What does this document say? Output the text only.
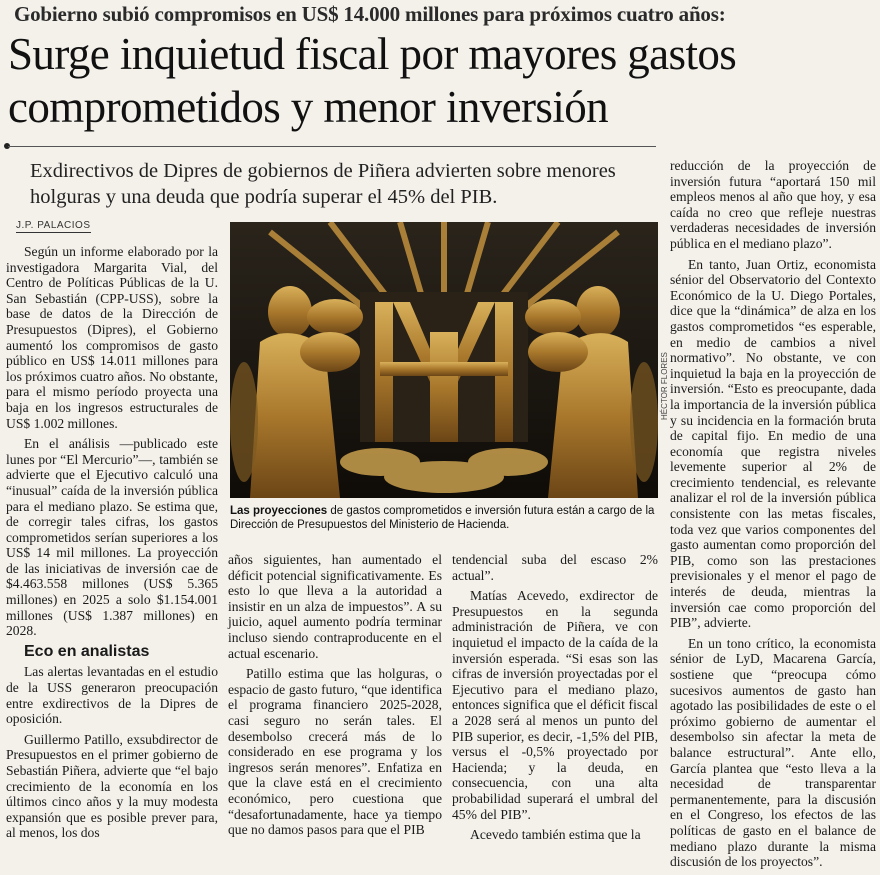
Gobierno subió compromisos en US$ 14.000 millones para próximos cuatro años:
Surge inquietud fiscal por mayores gastos comprometidos y menor inversión
Exdirectivos de Dipres de gobiernos de Piñera advierten sobre menores holguras y una deuda que podría superar el 45% del PIB.
J.P. PALACIOS

Según un informe elaborado por la investigadora Margarita Vial, del Centro de Políticas Públicas de la U. San Sebastián (CPP-USS), sobre la base de datos de la Dirección de Presupuestos (Dipres), el Gobierno aumentó los compromisos de gasto público en US$ 14.011 millones para los próximos cuatro años. No obstante, para el mismo período proyecta una baja en los ingresos estructurales de US$ 1.002 millones.

En el análisis —publicado este lunes por “El Mercurio”—, también se advierte que el Ejecutivo calculó una “inusual” caída de la inversión pública para el mediano plazo. Se estima que, de corregir tales cifras, los gastos comprometidos serían superiores a los US$ 14 mil millones. La proyección de las iniciativas de inversión cae de $4.463.558 millones (US$ 5.365 millones) en 2025 a solo $1.154.001 millones (US$ 1.387 millones) en 2028.

Eco en analistas

Las alertas levantadas en el estudio de la USS generaron preocupación entre exdirectivos de la Dipres de oposición.

Guillermo Patillo, exsubdirector de Presupuestos en el primer gobierno de Sebastián Piñera, advierte que “el bajo crecimiento de la economía en los últimos cinco años y la muy modesta expansión que es posible prever para, al menos, los dos

HÉCTOR FLORES
Las proyecciones de gastos comprometidos e inversión futura están a cargo de la Dirección de Presupuestos del Ministerio de Hacienda.

años siguientes, han aumentado el déficit potencial significativamente. Es esto lo que lleva a la autoridad a insistir en un alza de impuestos”. A su juicio, aquel aumento podría terminar incluso siendo contraproducente en el actual escenario.

Patillo estima que las holguras, o espacio de gasto futuro, “que identifica el programa financiero 2025-2028, casi seguro no serán tales. El desembolso crecerá más de lo considerado en ese programa y los ingresos serán menores”. Enfatiza en que la clave está en el crecimiento económico, pero cuestiona que “desafortunadamente, hace ya tiempo que no damos pasos para que el PIB

tendencial suba del escaso 2% actual”.

Matías Acevedo, exdirector de Presupuestos en la segunda administración de Piñera, ve con inquietud el impacto de la caída de la inversión esperada. “Si esas son las cifras de inversión proyectadas por el Ejecutivo para el mediano plazo, entonces significa que el déficit fiscal a 2028 será al menos un punto del PIB superior, es decir, -1,5% del PIB, versus el -0,5% proyectado por Hacienda; y la deuda, en consecuencia, con una alta probabilidad superará el umbral del 45% del PIB”.

Acevedo también estima que la

reducción de la proyección de inversión futura “aportará 150 mil empleos menos al año que hoy, y esa caída no creo que refleje nuestras verdaderas necesidades de inversión pública en el mediano plazo”.

En tanto, Juan Ortiz, economista sénior del Observatorio del Contexto Económico de la U. Diego Portales, dice que la “dinámica” de alza en los gastos comprometidos “es esperable, en medio de cambios a nivel normativo”. No obstante, ve con inquietud la baja en la proyección de inversión. “Esto es preocupante, dada la importancia de la inversión pública y su incidencia en la formación bruta de capital fijo. En medio de una economía que registra niveles levemente superior al 2% de crecimiento tendencial, es relevante analizar el rol de la inversión pública consistente con las metas fiscales, toda vez que varios componentes del gasto aumentan como proporción del PIB, como son las prestaciones previsionales y el menor el pago de interés de deuda, mientras la inversión cae como proporción del PIB”, advierte.

En un tono crítico, la economista sénior de LyD, Macarena García, sostiene que “preocupa cómo sucesivos aumentos de gasto han agotado las posibilidades de este o el próximo gobierno de aumentar el desembolso sin afectar la meta de balance estructural”. Ante ello, García plantea que “esto lleva a la necesidad de transparentar permanentemente, para la discusión en el Congreso, los efectos de las políticas de gasto en el balance de mediano plazo durante la misma discusión de los proyectos”.
